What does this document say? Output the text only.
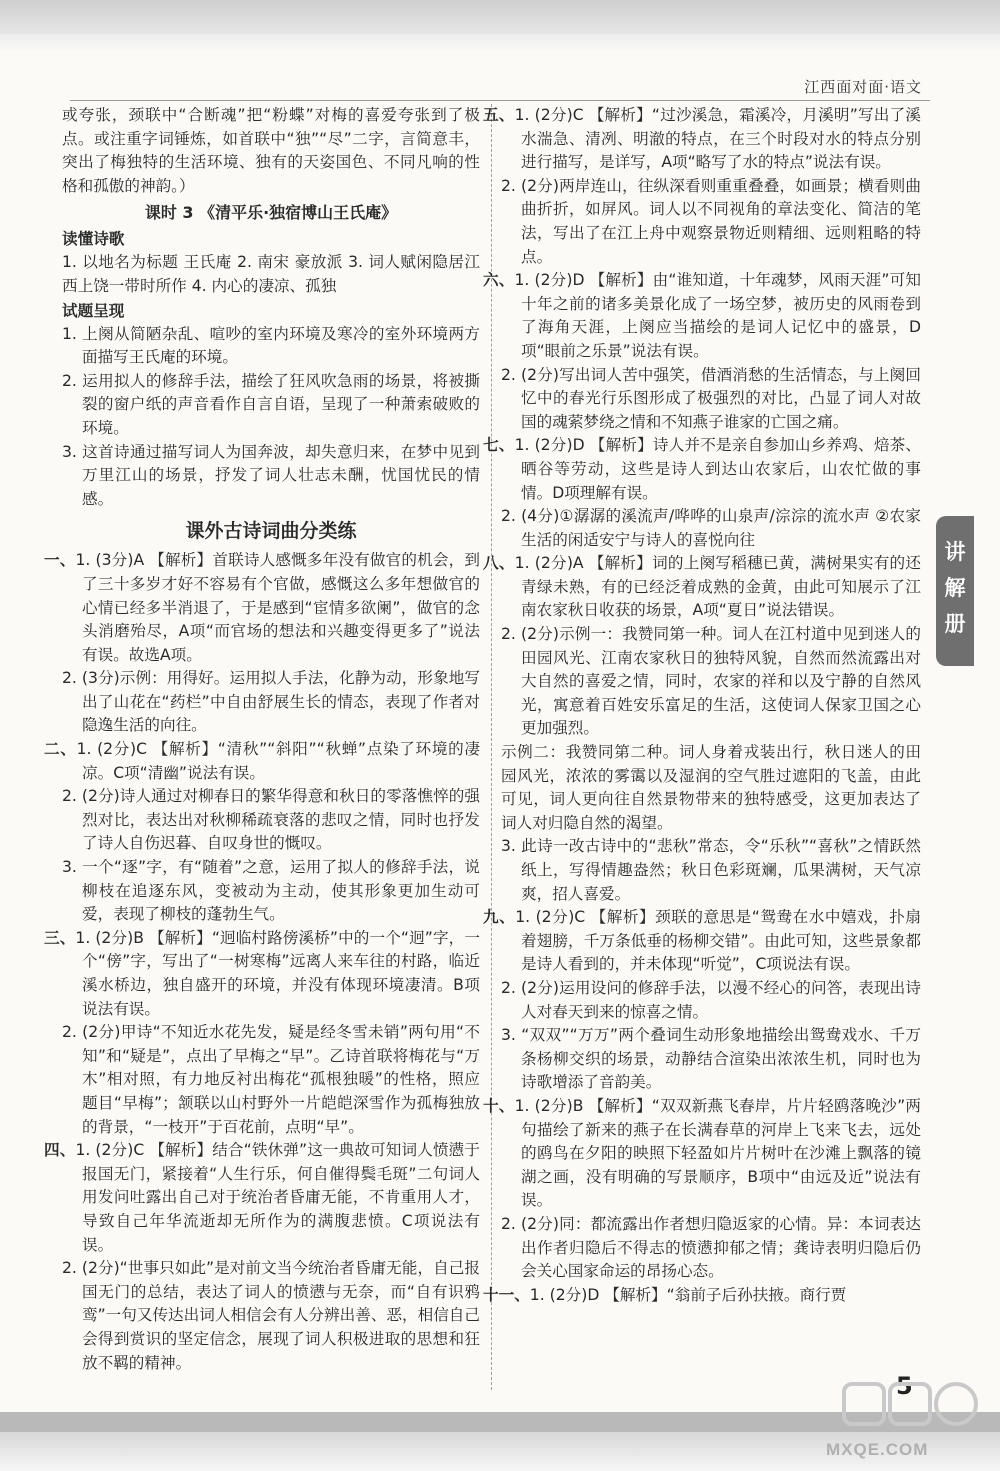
江西面对面·语文

或夸张，颈联中“合断魂”把“粉蝶”对梅的喜爱夸张到了极点。或注重字词锤炼，如首联中“独”“尽”二字，言简意丰，突出了梅独特的生活环境、独有的天姿国色、不同凡响的性格和孤傲的神韵。）

课时 3 《清平乐·独宿博山王氏庵》
读懂诗歌

1. 以地名为标题 王氏庵 2. 南宋 豪放派 3. 词人赋闲隐居江西上饶一带时所作 4. 内心的凄凉、孤独

试题呈现

1. 上阕从简陋杂乱、喧吵的室内环境及寒冷的室外环境两方面描写王氏庵的环境。

2. 运用拟人的修辞手法，描绘了狂风吹急雨的场景，将被撕裂的窗户纸的声音看作自言自语，呈现了一种萧索破败的环境。

3. 这首诗通过描写词人为国奔波，却失意归来，在梦中见到万里江山的场景，抒发了词人壮志未酬，忧国忧民的情感。

课外古诗词曲分类练

一、1. (3分)A 【解析】首联诗人感慨多年没有做官的机会，到了三十多岁才好不容易有个官做，感慨这么多年想做官的心情已经多半消退了，于是感到“宦情多欲阑”，做官的念头消磨殆尽，A项“而官场的想法和兴趣变得更多了”说法有误。故选A项。

2. (3分)示例：用得好。运用拟人手法，化静为动，形象地写出了山花在“药栏”中自由舒展生长的情态，表现了作者对隐逸生活的向往。

二、1. (2分)C 【解析】“清秋”“斜阳”“秋蝉”点染了环境的凄凉。C项“清幽”说法有误。

2. (2分)诗人通过对柳春日的繁华得意和秋日的零落憔悴的强烈对比，表达出对秋柳稀疏衰落的悲叹之情，同时也抒发了诗人自伤迟暮、自叹身世的慨叹。

3. 一个“逐”字，有“随着”之意，运用了拟人的修辞手法，说柳枝在追逐东风，变被动为主动，使其形象更加生动可爱，表现了柳枝的蓬勃生气。

三、1. (2分)B 【解析】“迥临村路傍溪桥”中的一个“迥”字，一个“傍”字，写出了“一树寒梅”远离人来车往的村路，临近溪水桥边，独自盛开的环境，并没有体现环境凄清。B项说法有误。

2. (2分)甲诗“不知近水花先发，疑是经冬雪未销”两句用“不知”和“疑是”，点出了早梅之“早”。乙诗首联将梅花与“万木”相对照，有力地反衬出梅花“孤根独暖”的性格，照应题目“早梅”；颔联以山村野外一片皑皑深雪作为孤梅独放的背景，“一枝开”于百花前，点明“早”。

四、1. (2分)C 【解析】结合“铁休弹”这一典故可知词人愤懑于报国无门，紧接着“人生行乐，何自催得鬓毛斑”二句词人用发问吐露出自己对于统治者昏庸无能，不肯重用人才，导致自己年华流逝却无所作为的满腹悲愤。C项说法有误。

2. (2分)“世事只如此”是对前文当今统治者昏庸无能，自己报国无门的总结，表达了词人的愤懑与无奈，而“自有识鸦鸾”一句又传达出词人相信会有人分辨出善、恶，相信自己会得到赏识的坚定信念，展现了词人积极进取的思想和狂放不羁的精神。

五、1. (2分)C 【解析】“过沙溪急，霜溪冷，月溪明”写出了溪水湍急、清冽、明澈的特点，在三个时段对水的特点分别进行描写，是详写，A项“略写了水的特点”说法有误。

2. (2分)两岸连山，往纵深看则重重叠叠，如画景；横看则曲曲折折，如屏风。词人以不同视角的章法变化、简洁的笔法，写出了在江上舟中观察景物近则精细、远则粗略的特点。

六、1. (2分)D 【解析】由“谁知道，十年魂梦，风雨天涯”可知十年之前的诸多美景化成了一场空梦，被历史的风雨卷到了海角天涯，上阕应当描绘的是词人记忆中的盛景，D项“眼前之乐景”说法有误。

2. (2分)写出词人苦中强笑，借酒消愁的生活情态，与上阕回忆中的春光行乐图形成了极强烈的对比，凸显了词人对故国的魂萦梦绕之情和不知燕子谁家的亡国之痛。

七、1. (2分)D 【解析】诗人并不是亲自参加山乡养鸡、焙茶、晒谷等劳动，这些是诗人到达山农家后，山农忙做的事情。D项理解有误。

2. (4分)①潺潺的溪流声/哗哗的山泉声/淙淙的流水声 ②农家生活的闲适安宁与诗人的喜悦向往

八、1. (2分)A 【解析】词的上阕写稻穗已黄，满树果实有的还青绿未熟，有的已经泛着成熟的金黄，由此可知展示了江南农家秋日收获的场景，A项“夏日”说法错误。

2. (2分)示例一：我赞同第一种。词人在江村道中见到迷人的田园风光、江南农家秋日的独特风貌，自然而然流露出对大自然的喜爱之情，同时，农家的祥和以及宁静的自然风光，寓意着百姓安乐富足的生活，这使词人保家卫国之心更加强烈。

示例二：我赞同第二种。词人身着戎装出行，秋日迷人的田园风光，浓浓的雾霭以及湿润的空气胜过遮阳的飞盖，由此可见，词人更向往自然景物带来的独特感受，这更加表达了词人对归隐自然的渴望。

3. 此诗一改古诗中的“悲秋”常态，令“乐秋”“喜秋”之情跃然纸上，写得情趣盎然；秋日色彩斑斓，瓜果满树，天气凉爽，招人喜爱。

九、1. (2分)C 【解析】颈联的意思是“鸳鸯在水中嬉戏，扑扇着翅膀，千万条低垂的杨柳交错”。由此可知，这些景象都是诗人看到的，并未体现“听觉”，C项说法有误。

2. (2分)运用设问的修辞手法，以漫不经心的问答，表现出诗人对春天到来的惊喜之情。

3. “双双”“万万”两个叠词生动形象地描绘出鸳鸯戏水、千万条杨柳交织的场景，动静结合渲染出浓浓生机，同时也为诗歌增添了音韵美。

十、1. (2分)B 【解析】“双双新燕飞春岸，片片轻鸥落晚沙”两句描绘了新来的燕子在长满春草的河岸上飞来飞去，远处的鸥鸟在夕阳的映照下轻盈如片片树叶在沙滩上飘落的镜湖之画，没有明确的写景顺序，B项中“由远及近”说法有误。

2. (2分)同：都流露出作者想归隐返家的心情。异：本词表达出作者归隐后不得志的愤懑抑郁之情；龚诗表明归隐后仍会关心国家命运的昂扬心态。

十一、1. (2分)D 【解析】“翁前子后孙扶掖。商行贾

讲
解
册
5
MXQE.COM
